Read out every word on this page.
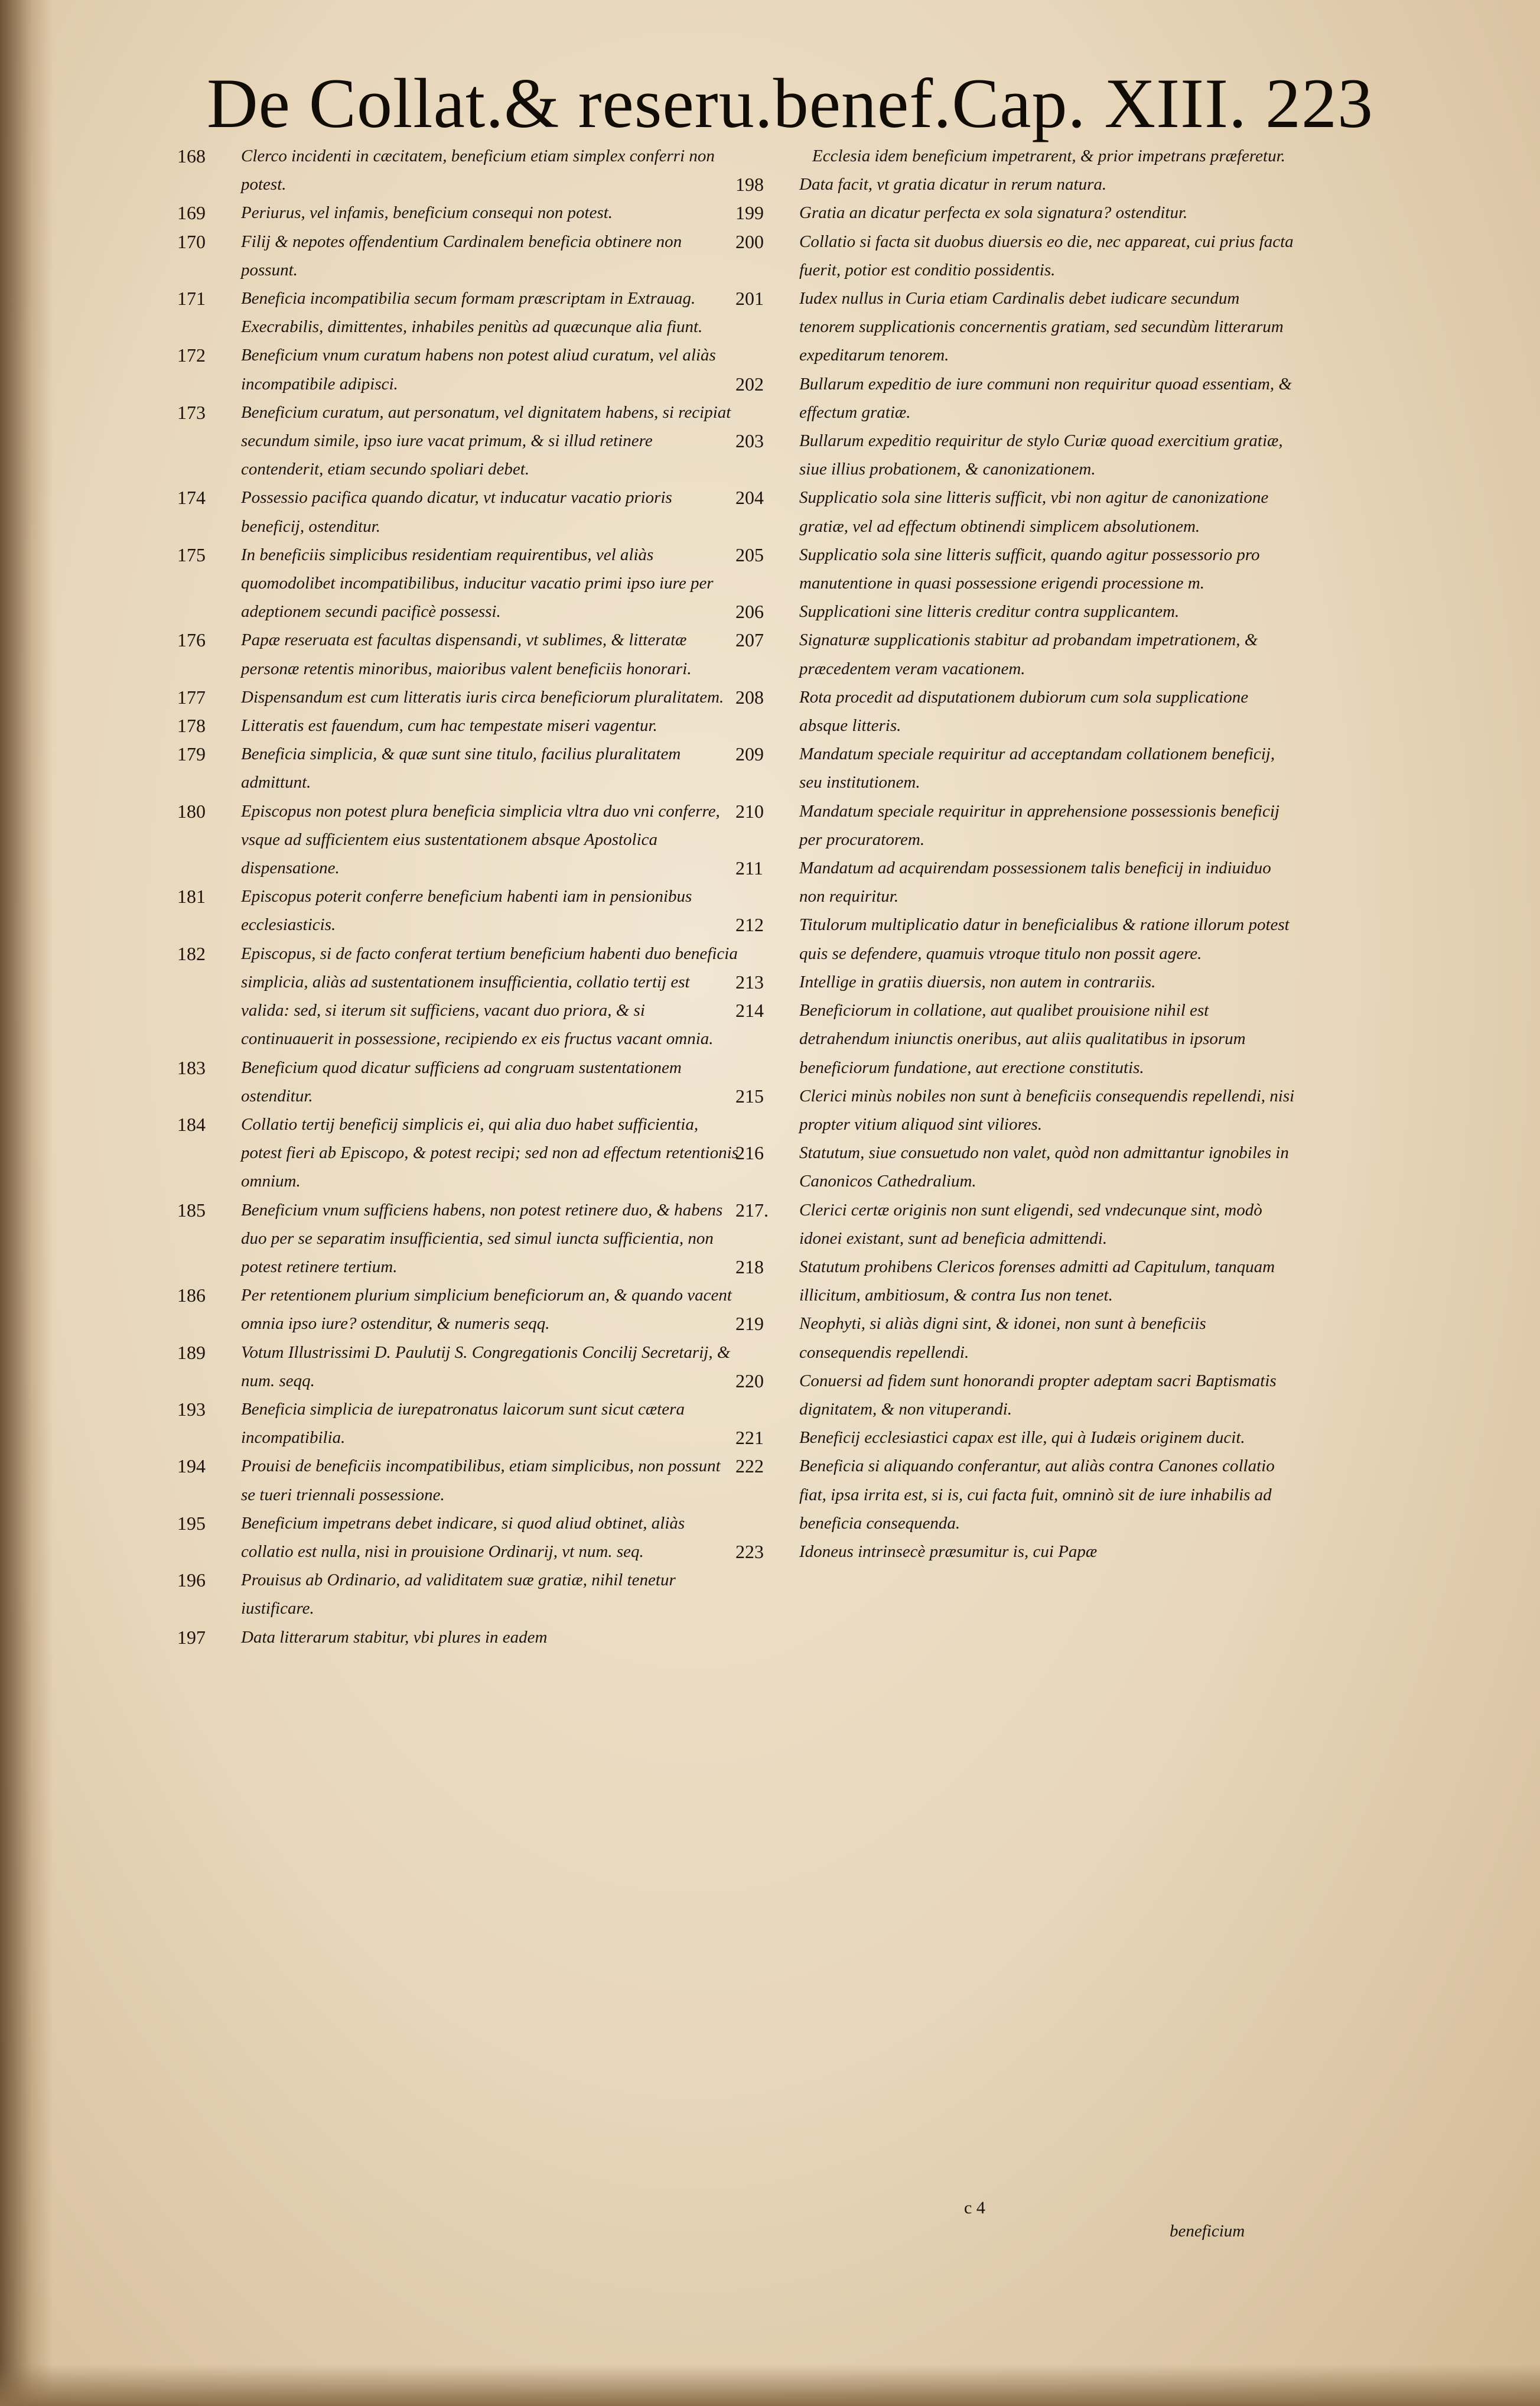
De Collat.& reseru.benef.Cap. XIII. 223
168	Clerco incidenti in cæcitatem, beneficium etiam simplex conferri non potest.
169	Periurus, vel infamis, beneficium consequi non potest.
170	Filij & nepotes offendentium Cardinalem beneficia obtinere non possunt.
171	Beneficia incompatibilia secum formam præscriptam in Extrauag. Execrabilis, dimittentes, inhabiles penitùs ad quæcunque alia fiunt.
172	Beneficium vnum curatum habens non potest aliud curatum, vel aliàs incompatibile adipisci.
173	Beneficium curatum, aut personatum, vel dignitatem habens, si recipiat secundum simile, ipso iure vacat primum, & si illud retinere contenderit, etiam secundo spoliari debet.
174	Possessio pacifica quando dicatur, vt inducatur vacatio prioris beneficij, ostenditur.
175	In beneficiis simplicibus residentiam requirentibus, vel aliàs quomodolibet incompatibilibus, inducitur vacatio primi ipso iure per adeptionem secundi pacificè possessi.
176	Papæ reseruata est facultas dispensandi, vt sublimes, & litteratæ personæ retentis minoribus, maioribus valent beneficiis honorari.
177	Dispensandum est cum litteratis iuris circa beneficiorum pluralitatem.
178	Litteratis est fauendum, cum hac tempestate miseri vagentur.
179	Beneficia simplicia, & quæ sunt sine titulo, facilius pluralitatem admittunt.
180	Episcopus non potest plura beneficia simplicia vltra duo vni conferre, vsque ad sufficientem eius sustentationem absque Apostolica dispensatione.
181	Episcopus poterit conferre beneficium habenti iam in pensionibus ecclesiasticis.
182	Episcopus, si de facto conferat tertium beneficium habenti duo beneficia simplicia, aliàs ad sustentationem insufficientia, collatio tertij est valida: sed, si iterum sit sufficiens, vacant duo priora, & si continuauerit in possessione, recipiendo ex eis fructus vacant omnia.
183	Beneficium quod dicatur sufficiens ad congruam sustentationem ostenditur.
184	Collatio tertij beneficij simplicis ei, qui alia duo habet sufficientia, potest fieri ab Episcopo, & potest recipi; sed non ad effectum retentionis omnium.
185	Beneficium vnum sufficiens habens, non potest retinere duo, & habens duo per se separatim insufficientia, sed simul iuncta sufficientia, non potest retinere tertium.
186	Per retentionem plurium simplicium beneficiorum an, & quando vacent omnia ipso iure? ostenditur, & numeris seqq.
189	Votum Illustrissimi D. Paulutij S. Congregationis Concilij Secretarij, & num. seqq.
193	Beneficia simplicia de iurepatronatus laicorum sunt sicut cætera incompatibilia.
194	Prouisi de beneficiis incompatibilibus, etiam simplicibus, non possunt se tueri triennali possessione.
195	Beneficium impetrans debet indicare, si quod aliud obtinet, aliàs collatio est nulla, nisi in prouisione Ordinarij, vt num. seq.
196	Prouisus ab Ordinario, ad validitatem suæ gratiæ, nihil tenetur iustificare.
197	Data litterarum stabitur, vbi plures in eadem
Ecclesia idem beneficium impetrarent, & prior impetrans præferetur.
198	Data facit, vt gratia dicatur in rerum natura.
199	Gratia an dicatur perfecta ex sola signatura? ostenditur.
200	Collatio si facta sit duobus diuersis eo die, nec appareat, cui prius facta fuerit, potior est conditio possidentis.
201	Iudex nullus in Curia etiam Cardinalis debet iudicare secundum tenorem supplicationis concernentis gratiam, sed secundùm litterarum expeditarum tenorem.
202	Bullarum expeditio de iure communi non requiritur quoad essentiam, & effectum gratiæ.
203	Bullarum expeditio requiritur de stylo Curiæ quoad exercitium gratiæ, siue illius probationem, & canonizationem.
204	Supplicatio sola sine litteris sufficit, vbi non agitur de canonizatione gratiæ, vel ad effectum obtinendi simplicem absolutionem.
205	Supplicatio sola sine litteris sufficit, quando agitur possessorio pro manutentione in quasi possessione erigendi processione m.
206	Supplicationi sine litteris creditur contra supplicantem.
207	Signaturæ supplicationis stabitur ad probandam impetrationem, & præcedentem veram vacationem.
208	Rota procedit ad disputationem dubiorum cum sola supplicatione absque litteris.
209	Mandatum speciale requiritur ad acceptandam collationem beneficij, seu institutionem.
210	Mandatum speciale requiritur in apprehensione possessionis beneficij per procuratorem.
211	Mandatum ad acquirendam possessionem talis beneficij in indiuiduo non requiritur.
212	Titulorum multiplicatio datur in beneficialibus & ratione illorum potest quis se defendere, quamuis vtroque titulo non possit agere.
213	Intellige in gratiis diuersis, non autem in contrariis.
214	Beneficiorum in collatione, aut qualibet prouisione nihil est detrahendum iniunctis oneribus, aut aliis qualitatibus in ipsorum beneficiorum fundatione, aut erectione constitutis.
215	Clerici minùs nobiles non sunt à beneficiis consequendis repellendi, nisi propter vitium aliquod sint viliores.
216	Statutum, siue consuetudo non valet, quòd non admittantur ignobiles in Canonicos Cathedralium.
217.	Clerici certæ originis non sunt eligendi, sed vndecunque sint, modò idonei existant, sunt ad beneficia admittendi.
218	Statutum prohibens Clericos forenses admitti ad Capitulum, tanquam illicitum, ambitiosum, & contra Ius non tenet.
219	Neophyti, si aliàs digni sint, & idonei, non sunt à beneficiis consequendis repellendi.
220	Conuersi ad fidem sunt honorandi propter adeptam sacri Baptismatis dignitatem, & non vituperandi.
221	Beneficij ecclesiastici capax est ille, qui à Iudæis originem ducit.
222	Beneficia si aliquando conferantur, aut aliàs contra Canones collatio fiat, ipsa irrita est, si is, cui facta fuit, omninò sit de iure inhabilis ad beneficia consequenda.
223	Idoneus intrinsecè præsumitur is, cui Papæ
c 4
beneficium
